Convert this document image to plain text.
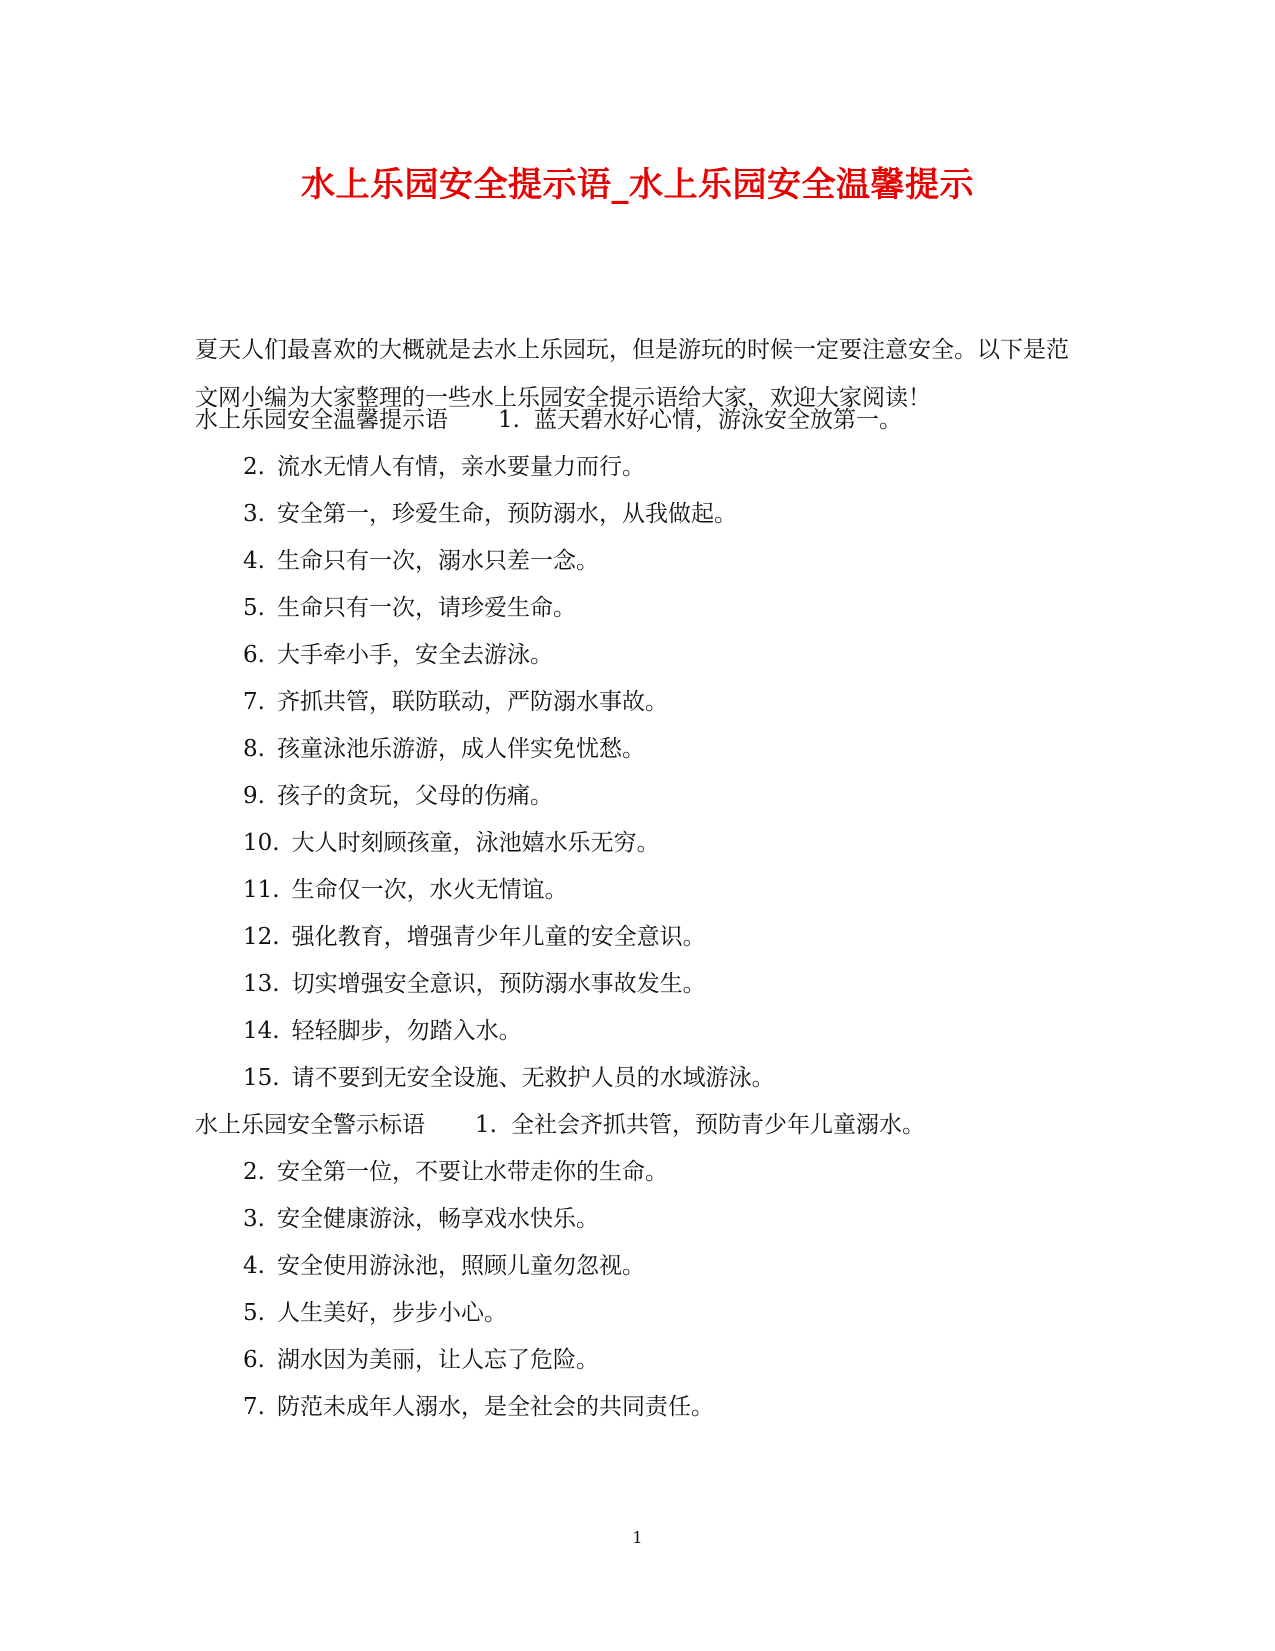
水上乐园安全提示语_水上乐园安全温馨提示

夏天人们最喜欢的大概就是去水上乐园玩，但是游玩的时候一定要注意安全。以下是范文网小编为大家整理的一些水上乐园安全提示语给大家，欢迎大家阅读！

水上乐园安全温馨提示语 1. 蓝天碧水好心情，游泳安全放第一。
2. 流水无情人有情，亲水要量力而行。
3. 安全第一，珍爱生命，预防溺水，从我做起。
4. 生命只有一次，溺水只差一念。
5. 生命只有一次，请珍爱生命。
6. 大手牵小手，安全去游泳。
7. 齐抓共管，联防联动，严防溺水事故。
8. 孩童泳池乐游游，成人伴实免忧愁。
9. 孩子的贪玩，父母的伤痛。
10. 大人时刻顾孩童，泳池嬉水乐无穷。
11. 生命仅一次，水火无情谊。
12. 强化教育，增强青少年儿童的安全意识。
13. 切实增强安全意识，预防溺水事故发生。
14. 轻轻脚步，勿踏入水。
15. 请不要到无安全设施、无救护人员的水域游泳。
水上乐园安全警示标语 1. 全社会齐抓共管，预防青少年儿童溺水。
2. 安全第一位，不要让水带走你的生命。
3. 安全健康游泳，畅享戏水快乐。
4. 安全使用游泳池，照顾儿童勿忽视。
5. 人生美好，步步小心。
6. 湖水因为美丽，让人忘了危险。
7. 防范未成年人溺水，是全社会的共同责任。
1
